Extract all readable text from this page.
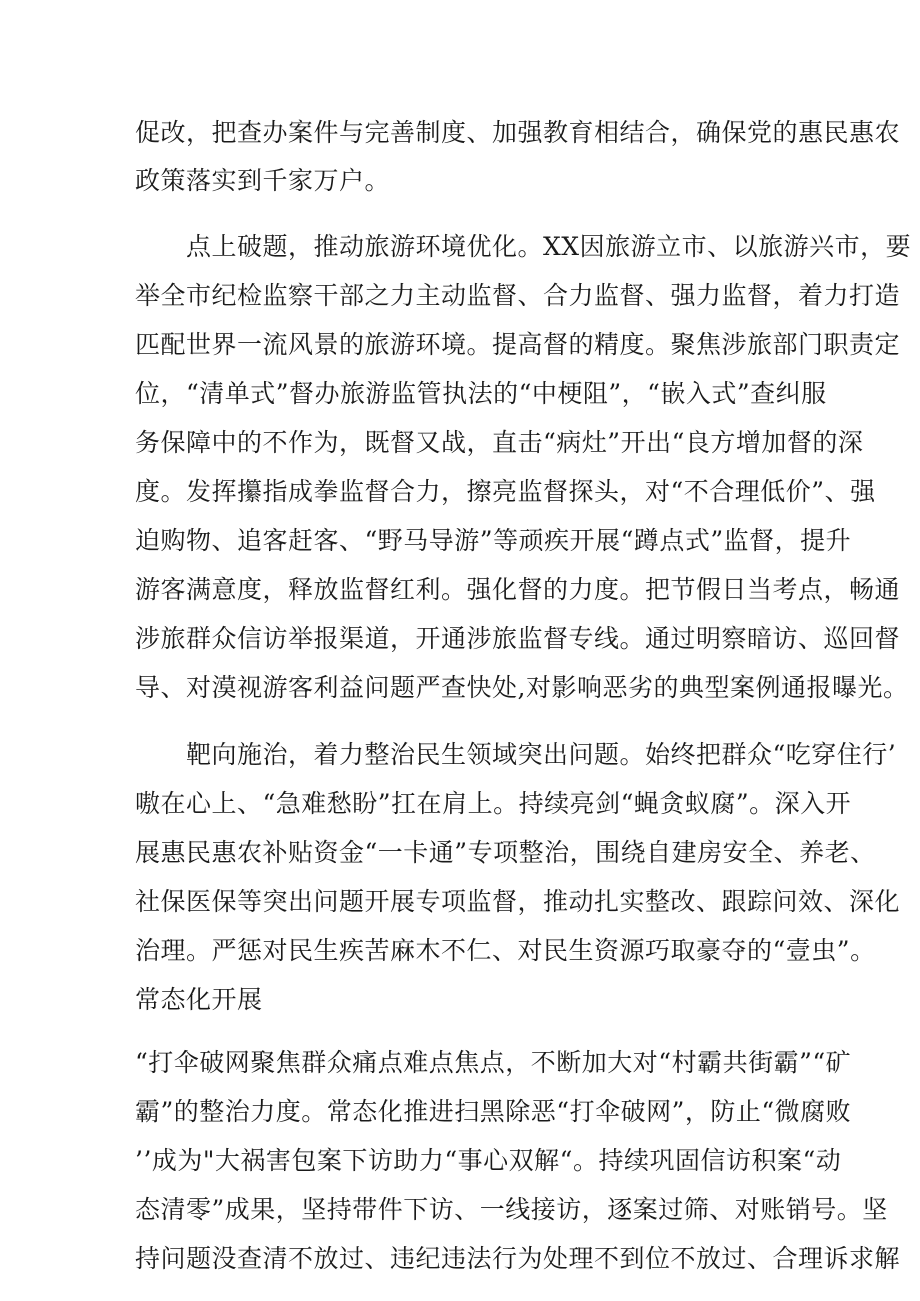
促改，把查办案件与完善制度、加强教育相结合，确保党的惠民惠农
政策落实到千家万户。
点上破题，推动旅游环境优化。XX因旅游立市、以旅游兴市，要
举全市纪检监察干部之力主动监督、合力监督、强力监督，着力打造
匹配世界一流风景的旅游环境。提高督的精度。聚焦涉旅部门职责定
位，“清单式”督办旅游监管执法的“中梗阻”，“嵌入式”查纠服
务保障中的不作为，既督又战，直击“病灶”开出“良方增加督的深
度。发挥攥指成拳监督合力，擦亮监督探头，对“不合理低价”、强
迫购物、追客赶客、“野马导游”等顽疾开展“蹲点式”监督，提升
游客满意度，释放监督红利。强化督的力度。把节假日当考点，畅通
涉旅群众信访举报渠道，开通涉旅监督专线。通过明察暗访、巡回督
导、对漠视游客利益问题严查快处,对影响恶劣的典型案例通报曝光。
靶向施治，着力整治民生领域突出问题。始终把群众“吃穿住行’
嗷在心上、“急难愁盼”扛在肩上。持续亮剑“蝇贪蚁腐”。深入开
展惠民惠农补贴资金“一卡通”专项整治，围绕自建房安全、养老、
社保医保等突出问题开展专项监督，推动扎实整改、跟踪问效、深化
治理。严惩对民生疾苦麻木不仁、对民生资源巧取豪夺的“壹虫”。
常态化开展
“打伞破网聚焦群众痛点难点焦点，不断加大对“村霸共街霸”“矿
霸”的整治力度。常态化推进扫黑除恶“打伞破网”，防止“微腐败
’’成为"大祸害包案下访助力“事心双解“。持续巩固信访积案“动
态清零”成果，坚持带件下访、一线接访，逐案过筛、对账销号。坚
持问题没查清不放过、违纪违法行为处理不到位不放过、合理诉求解
